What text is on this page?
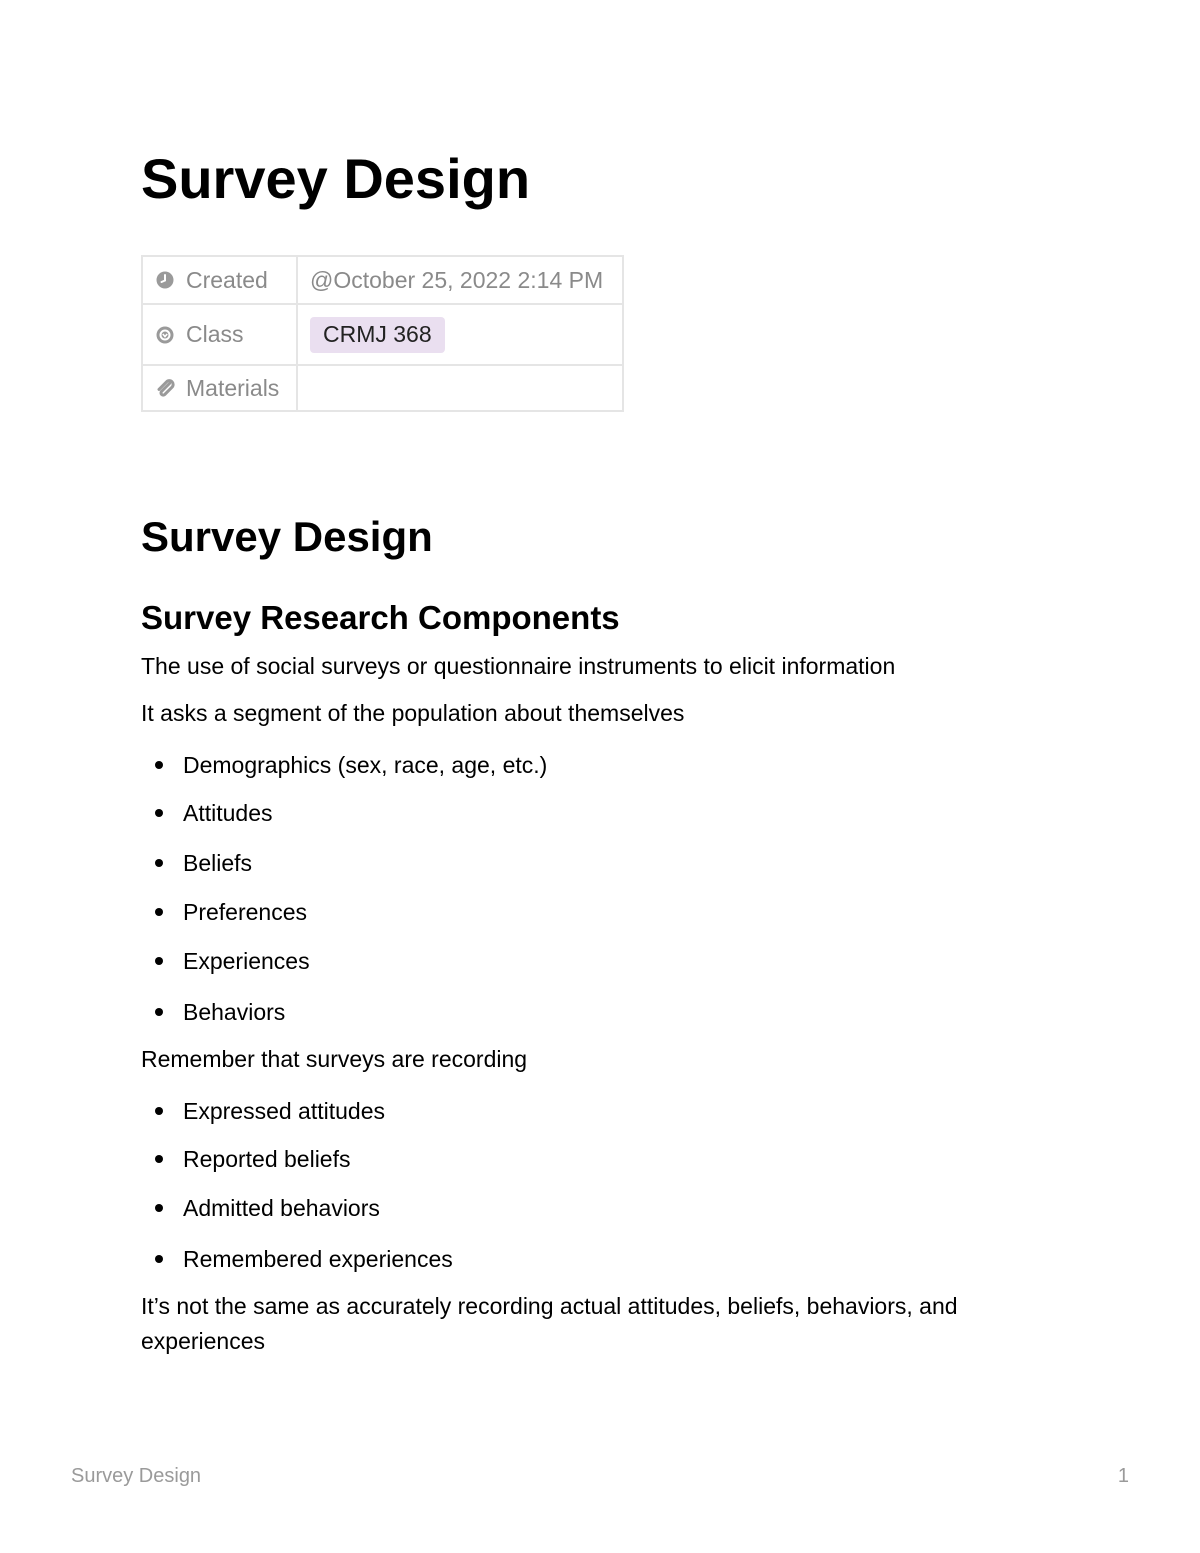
Survey Design
Created	@October 25, 2022 2:14 PM

Class	CRMJ 368

Materials	

Survey Design
Survey Research Components

The use of social surveys or questionnaire instruments to elicit information

It asks a segment of the population about themselves

Demographics (sex, race, age, etc.)
Attitudes
Beliefs
Preferences
Experiences
Behaviors

Remember that surveys are recording

Expressed attitudes
Reported beliefs
Admitted behaviors
Remembered experiences

It’s not the same as accurately recording actual attitudes, beliefs, behaviors, and

experiences

Survey Design	1
